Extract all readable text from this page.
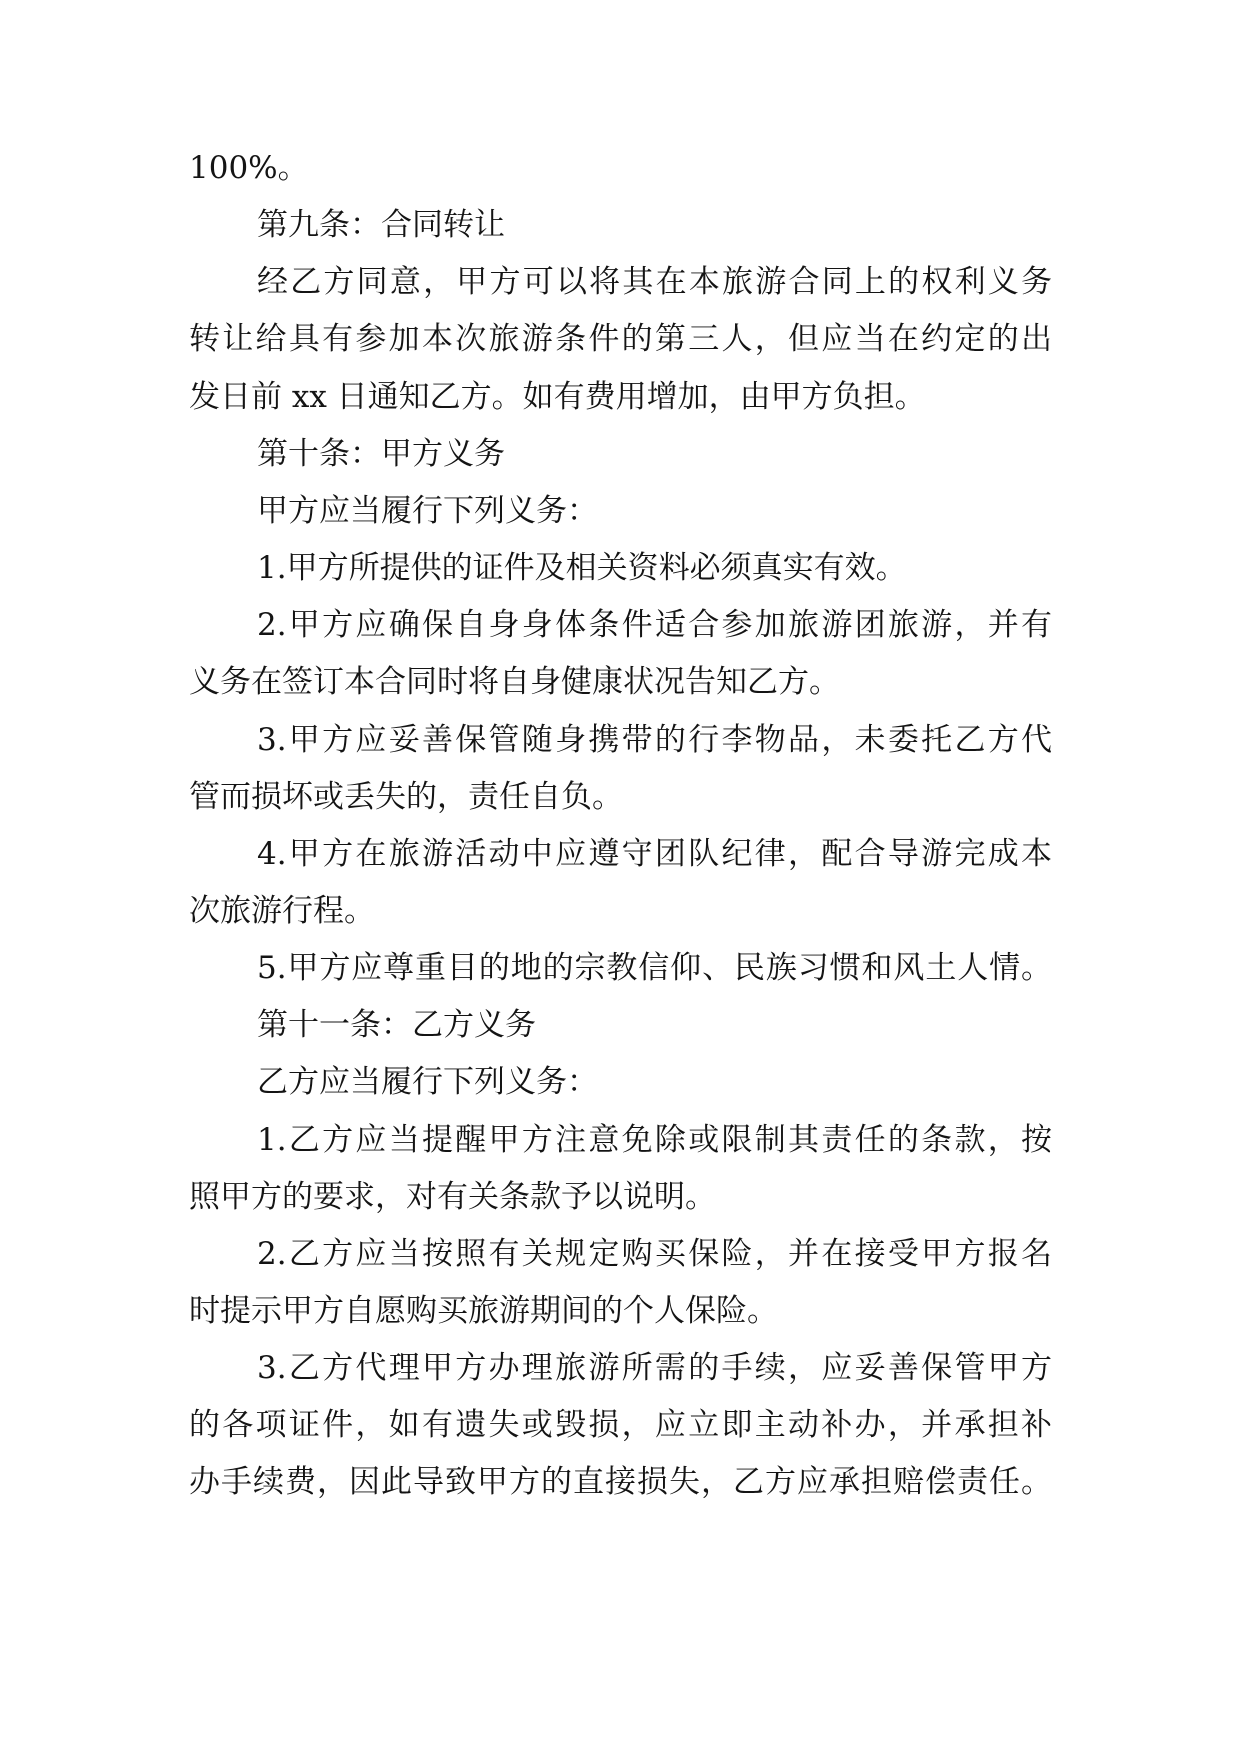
100%。
第九条：合同转让
经乙方同意，甲方可以将其在本旅游合同上的权利义务
转让给具有参加本次旅游条件的第三人，但应当在约定的出
发日前 xx 日通知乙方。如有费用增加，由甲方负担。
第十条：甲方义务
甲方应当履行下列义务：
1.甲方所提供的证件及相关资料必须真实有效。
2.甲方应确保自身身体条件适合参加旅游团旅游，并有
义务在签订本合同时将自身健康状况告知乙方。
3.甲方应妥善保管随身携带的行李物品，未委托乙方代
管而损坏或丢失的，责任自负。
4.甲方在旅游活动中应遵守团队纪律，配合导游完成本
次旅游行程。
5.甲方应尊重目的地的宗教信仰、民族习惯和风土人情。
第十一条：乙方义务
乙方应当履行下列义务：
1.乙方应当提醒甲方注意免除或限制其责任的条款，按
照甲方的要求，对有关条款予以说明。
2.乙方应当按照有关规定购买保险，并在接受甲方报名
时提示甲方自愿购买旅游期间的个人保险。
3.乙方代理甲方办理旅游所需的手续，应妥善保管甲方
的各项证件，如有遗失或毁损，应立即主动补办，并承担补
办手续费，因此导致甲方的直接损失，乙方应承担赔偿责任。
